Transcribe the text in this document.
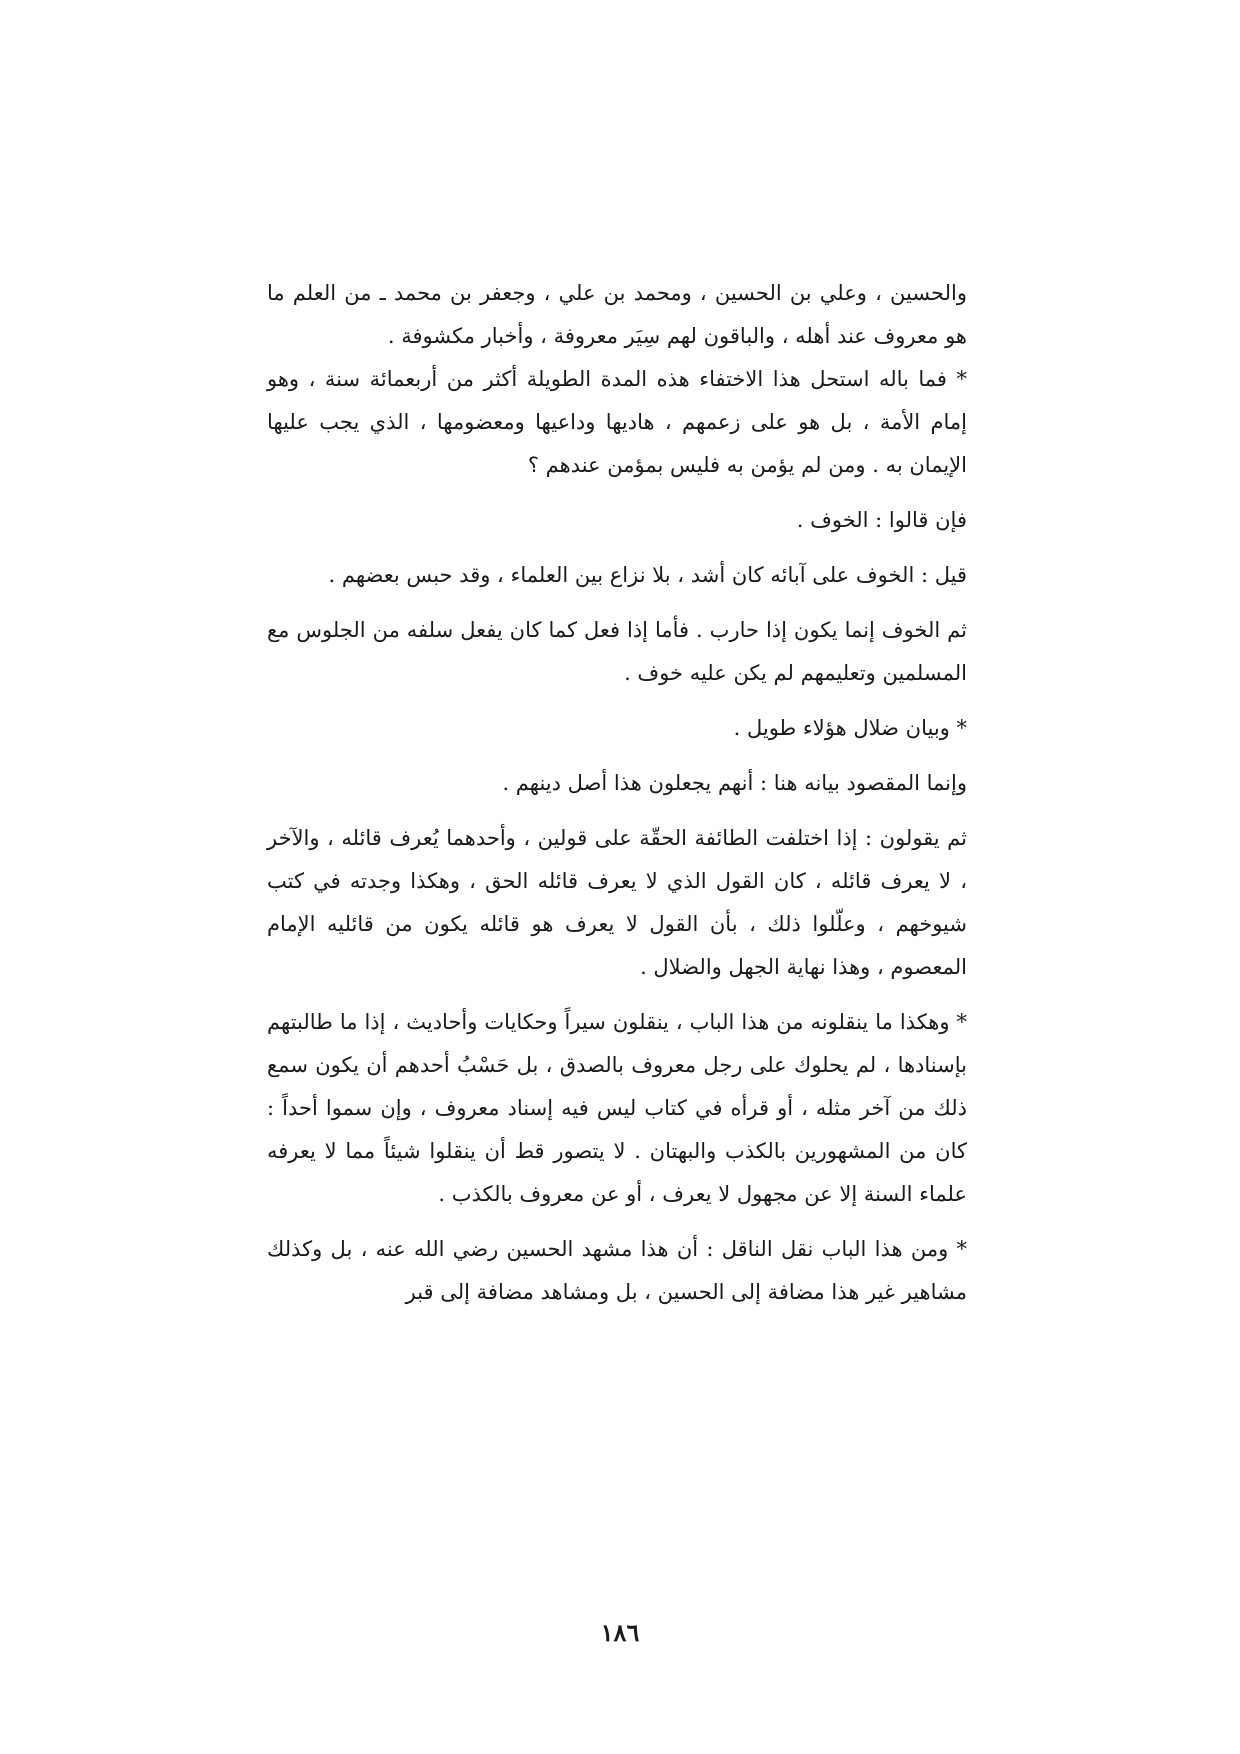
والحسين ، وعلي بن الحسين ، ومحمد بن علي ، وجعفر بن محمد ـ من العلم ما هو معروف عند أهله ، والباقون لهم سِيَر معروفة ، وأخبار مكشوفة .

* فما باله استحل هذا الاختفاء هذه المدة الطويلة أكثر من أربعمائة سنة ، وهو إمام الأمة ، بل هو على زعمهم ، هاديها وداعيها ومعضومها ، الذي يجب عليها الإيمان به . ومن لم يؤمن به فليس بمؤمن عندهم ؟

فإن قالوا : الخوف .

قيل : الخوف على آبائه كان أشد ، بلا نزاع بين العلماء ، وقد حبس بعضهم .

ثم الخوف إنما يكون إذا حارب . فأما إذا فعل كما كان يفعل سلفه من الجلوس مع المسلمين وتعليمهم لم يكن عليه خوف .

* وبيان ضلال هؤلاء طويل .

وإنما المقصود بيانه هنا : أنهم يجعلون هذا أصل دينهم .

ثم يقولون : إذا اختلفت الطائفة الحقّة على قولين ، وأحدهما يُعرف قائله ، والآخر ، لا يعرف قائله ، كان القول الذي لا يعرف قائله الحق ، وهكذا وجدته في كتب شيوخهم ، وعلّلوا ذلك ، بأن القول لا يعرف هو قائله يكون من قائليه الإمام المعصوم ، وهذا نهاية الجهل والضلال .

* وهكذا ما ينقلونه من هذا الباب ، ينقلون سيراً وحكايات وأحاديث ، إذا ما طالبتهم بإسنادها ، لم يحلوك على رجل معروف بالصدق ، بل حَسْبُ أحدهم أن يكون سمع ذلك من آخر مثله ، أو قرأه في كتاب ليس فيه إسناد معروف ، وإن سموا أحداً : كان من المشهورين بالكذب والبهتان . لا يتصور قط أن ينقلوا شيئاً مما لا يعرفه علماء السنة إلا عن مجهول لا يعرف ، أو عن معروف بالكذب .

* ومن هذا الباب نقل الناقل : أن هذا مشهد الحسين رضي الله عنه ، بل وكذلك مشاهير غير هذا مضافة إلى الحسين ، بل ومشاهد مضافة إلى قبر

١٨٦
